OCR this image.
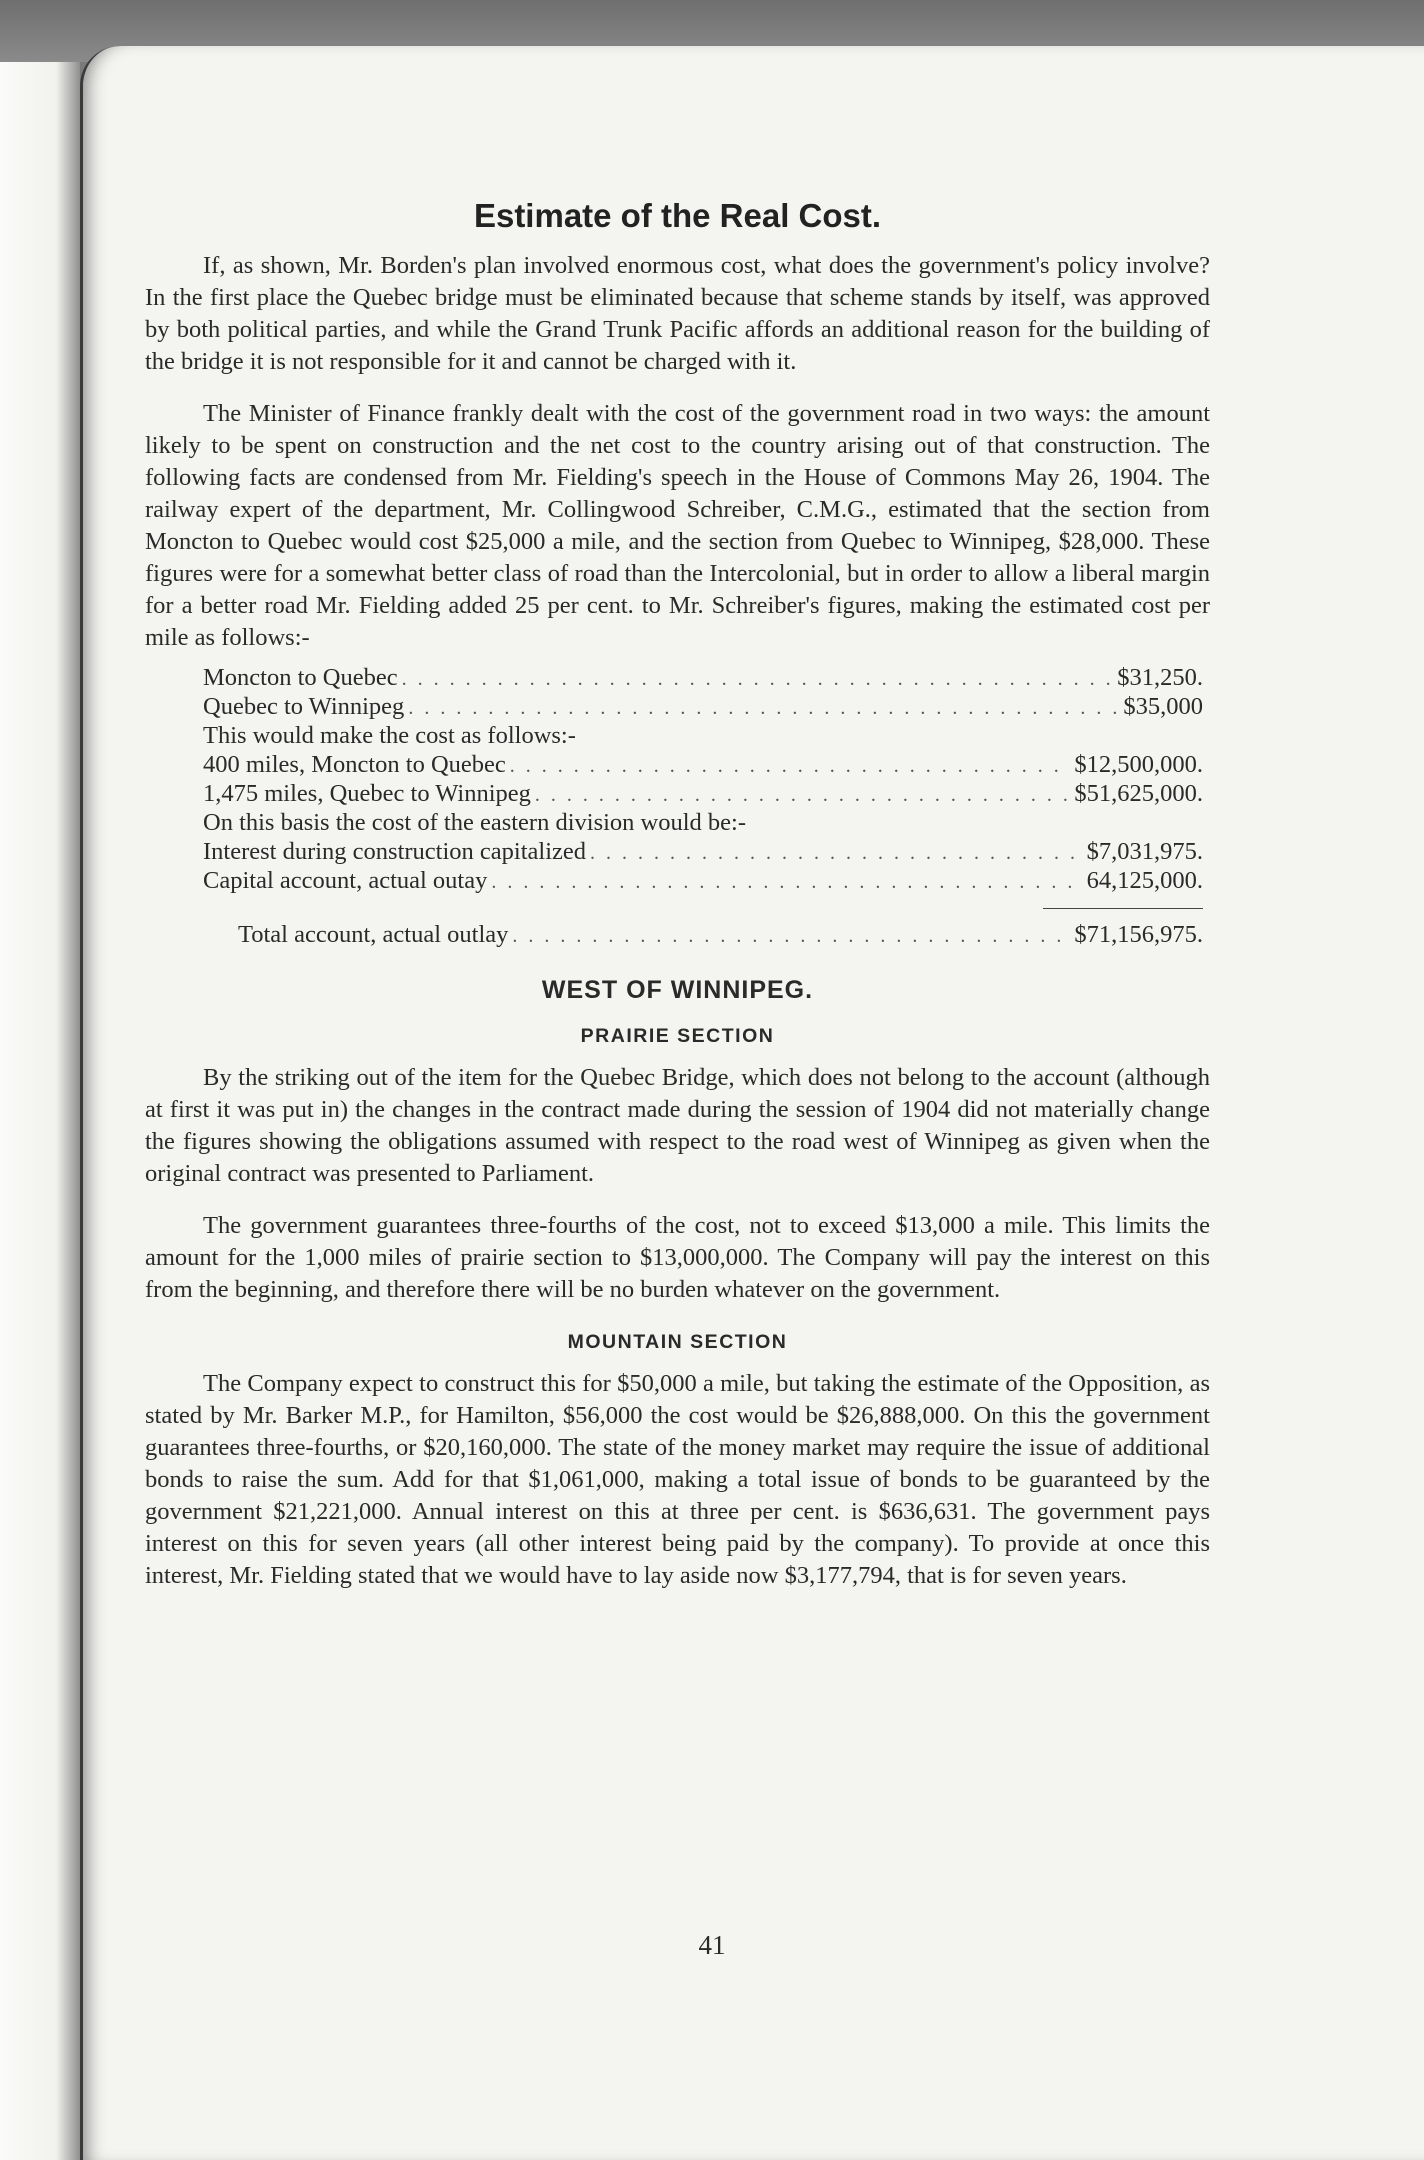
Estimate of the Real Cost.

If, as shown, Mr. Borden's plan involved enormous cost, what does the government's policy involve? In the first place the Quebec bridge must be eliminated because that scheme stands by itself, was approved by both political parties, and while the Grand Trunk Pacific affords an additional reason for the building of the bridge it is not responsible for it and cannot be charged with it.

The Minister of Finance frankly dealt with the cost of the government road in two ways: the amount likely to be spent on construction and the net cost to the country arising out of that construction. The following facts are condensed from Mr. Fielding's speech in the House of Commons May 26, 1904. The railway expert of the department, Mr. Collingwood Schreiber, C.M.G., estimated that the section from Moncton to Quebec would cost $25,000 a mile, and the section from Quebec to Winnipeg, $28,000. These figures were for a somewhat better class of road than the Intercolonial, but in order to allow a liberal margin for a better road Mr. Fielding added 25 per cent. to Mr. Schreiber's figures, making the estimated cost per mile as follows:-

Moncton to Quebec . . .	$31,250.
Quebec to Winnipeg . . .	$35,000
This would make the cost as follows:-
400 miles, Moncton to Quebec . . .	$12,500,000.
1,475 miles, Quebec to Winnipeg . . .	$51,625,000.
On this basis the cost of the eastern division would be:-
Interest during construction capitalized . . .	$7,031,975.
Capital account, actual outay . . .	64,125,000.
Total account, actual outlay . . .	$71,156,975.
WEST OF WINNIPEG.
PRAIRIE SECTION

By the striking out of the item for the Quebec Bridge, which does not belong to the account (although at first it was put in) the changes in the contract made during the session of 1904 did not materially change the figures showing the obligations assumed with respect to the road west of Winnipeg as given when the original contract was presented to Parliament.

The government guarantees three-fourths of the cost, not to exceed $13,000 a mile. This limits the amount for the 1,000 miles of prairie section to $13,000,000. The Company will pay the interest on this from the beginning, and therefore there will be no burden whatever on the government.

MOUNTAIN SECTION

The Company expect to construct this for $50,000 a mile, but taking the estimate of the Opposition, as stated by Mr. Barker M.P., for Hamilton, $56,000 the cost would be $26,888,000. On this the government guarantees three-fourths, or $20,160,000. The state of the money market may require the issue of additional bonds to raise the sum. Add for that $1,061,000, making a total issue of bonds to be guaranteed by the government $21,221,000. Annual interest on this at three per cent. is $636,631. The government pays interest on this for seven years (all other interest being paid by the company). To provide at once this interest, Mr. Fielding stated that we would have to lay aside now $3,177,794, that is for seven years.

41
